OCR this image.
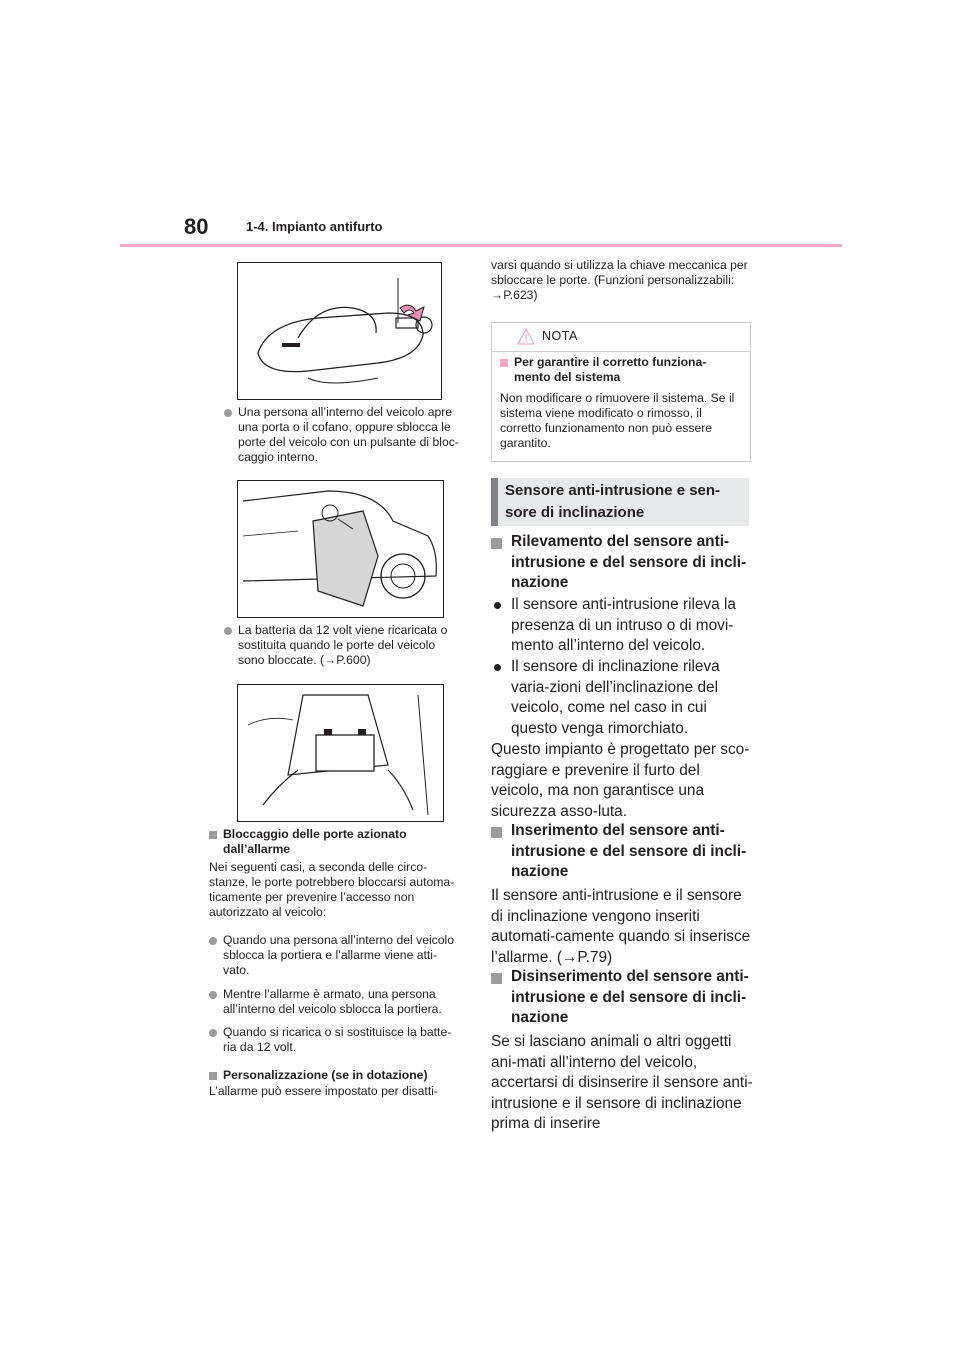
80	1-4. Impianto antifurto
Una persona all’interno del veicolo apre una porta o il cofano, oppure sblocca le porte del veicolo con un pulsante di bloc-caggio interno.
La batteria da 12 volt viene ricaricata o sostituita quando le porte del veicolo sono bloccate. (→P.600)
Bloccaggio delle porte azionato dall’allarme
Nei seguenti casi, a seconda delle circo-stanze, le porte potrebbero bloccarsi automa-ticamente per prevenire l’accesso non autorizzato al veicolo:
Quando una persona all’interno del veicolo sblocca la portiera e l’allarme viene atti-vato.
Mentre l’allarme è armato, una persona all’interno del veicolo sblocca la portiera.
Quando si ricarica o si sostituisce la batte-ria da 12 volt.
Personalizzazione (se in dotazione)
L’allarme può essere impostato per disatti-
varsi quando si utilizza la chiave meccanica per sbloccare le porte. (Funzioni personalizzabili: →P.623)
NOTA
Per garantire il corretto funziona-mento del sistema
Non modificare o rimuovere il sistema. Se il sistema viene modificato o rimosso, il corretto funzionamento non può essere garantito.
Sensore anti-intrusione e sen-sore di inclinazione
Rilevamento del sensore anti-intrusione e del sensore di incli-nazione
Il sensore anti-intrusione rileva la presenza di un intruso o di movi-mento all’interno del veicolo.
Il sensore di inclinazione rileva varia-zioni dell’inclinazione del veicolo, come nel caso in cui questo venga rimorchiato.
Questo impianto è progettato per sco-raggiare e prevenire il furto del veicolo, ma non garantisce una sicurezza asso-luta.
Inserimento del sensore anti-intrusione e del sensore di incli-nazione
Il sensore anti-intrusione e il sensore di inclinazione vengono inseriti automati-camente quando si inserisce l’allarme. (→P.79)
Disinserimento del sensore anti-intrusione e del sensore di incli-nazione
Se si lasciano animali o altri oggetti ani-mati all’interno del veicolo, accertarsi di disinserire il sensore anti-intrusione e il sensore di inclinazione prima di inserire
